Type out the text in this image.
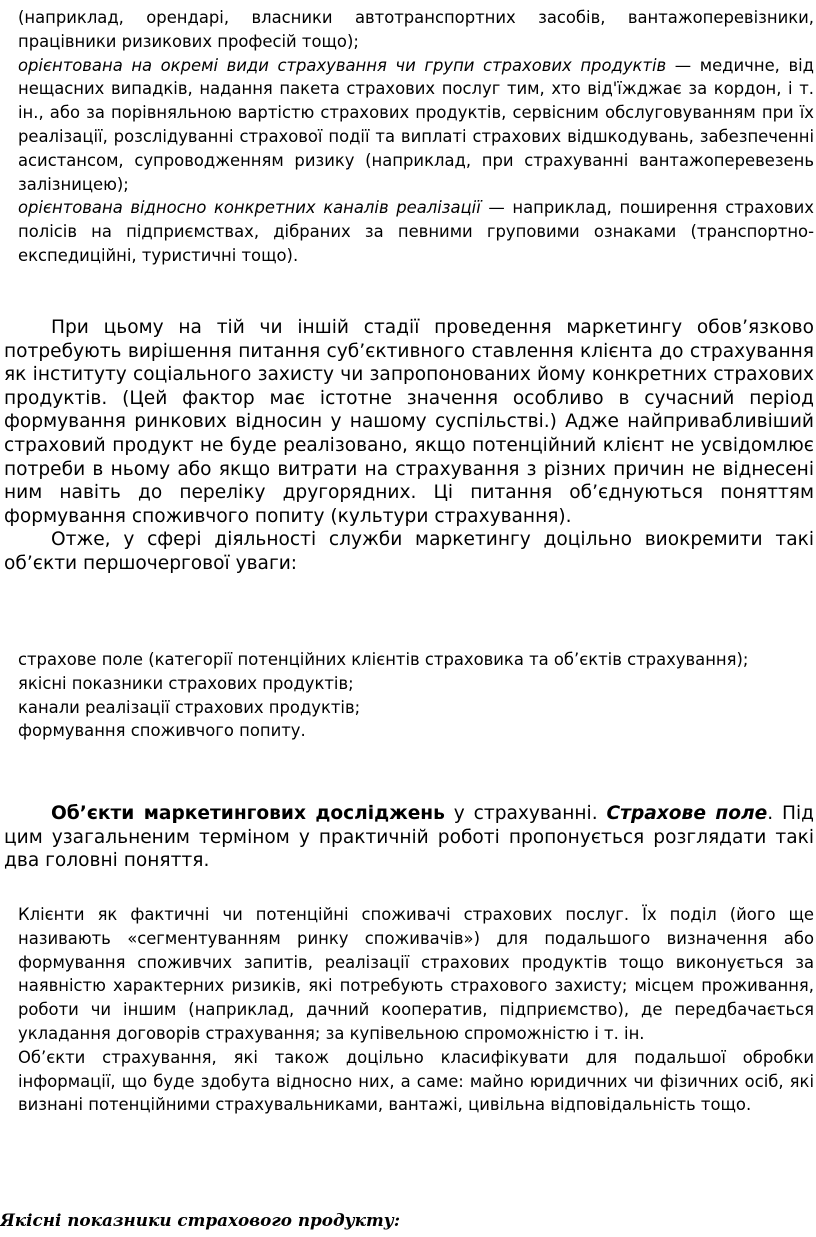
(наприклад, орендарі, власники автотранспортних засобів, вантажоперевізники, працівники ризикових професій тощо);

орієнтована на окремі види страхування чи групи страхових продуктів — медичне, від нещасних випадків, надання пакета страхових послуг тим, хто від'їжджає за кордон, і т. ін., або за порівняльною вартістю страхових продуктів, сервісним обслуговуванням при їх реалізації, розслідуванні страхової події та виплаті страхових відшкодувань, забезпеченні асистансом, супроводженням ризику (наприклад, при страхуванні вантажоперевезень залізницею);

орієнтована відносно конкретних каналів реалізації — наприклад, поширення страхових полісів на підприємствах, дібраних за певними груповими ознаками (транспортно-експедиційні, туристичні тощо).

При цьому на тій чи іншій стадії проведення маркетингу обов’язково потребують вирішення питання суб’єктивного ставлення клієнта до страхування як інституту соціального захисту чи запропонованих йому конкретних страхових продуктів. (Цей фактор має істотне значення особливо в сучасний період формування ринкових відносин у нашому суспільстві.) Адже найпривабливіший страховий продукт не буде реалізовано, якщо потенційний клієнт не усвідомлює потреби в ньому або якщо витрати на страхування з різних причин не віднесені ним навіть до переліку другорядних. Ці питання об’єднуються поняттям формування споживчого попиту (культури страхування).

Отже, у сфері діяльності служби маркетингу доцільно виокремити такі об’єкти першочергової уваги:

страхове поле (категорії потенційних клієнтів страховика та об’єктів страхування);

якісні показники страхових продуктів;

канали реалізації страхових продуктів;

формування споживчого попиту.

Об’єкти маркетингових досліджень у страхуванні. Страхове поле. Під цим узагальненим терміном у практичній роботі пропонується розглядати такі два головні поняття.

Клієнти як фактичні чи потенційні споживачі страхових послуг. Їх поділ (його ще називають «сегментуванням ринку споживачів») для подальшого визначення або формування споживчих запитів, реалізації страхових продуктів тощо виконується за наявністю характерних ризиків, які потребують страхового захисту; місцем проживання, роботи чи іншим (наприклад, дачний кооператив, підприємство), де передбачається укладання договорів страхування; за купівельною спроможністю і т. ін.

Об’єкти страхування, які також доцільно класифікувати для подальшої обробки інформації, що буде здобута відносно них, а саме: майно юридичних чи фізичних осіб, які визнані потенційними страхувальниками, вантажі, цивільна відповідальність тощо.

Якісні показники страхового продукту:
